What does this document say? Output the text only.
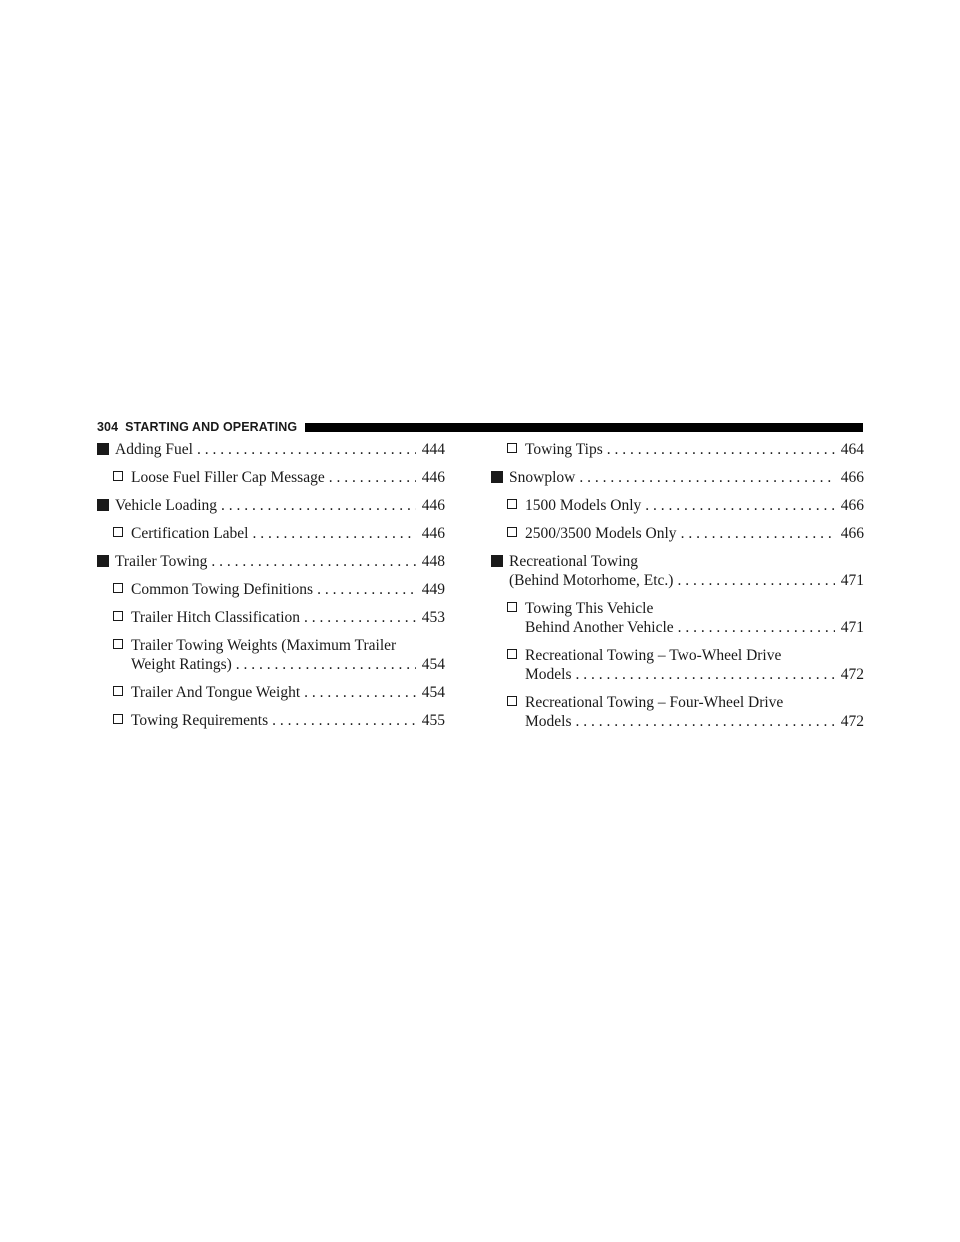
304 STARTING AND OPERATING
Adding Fuel . . .	444
Loose Fuel Filler Cap Message . . .	446
Vehicle Loading . . .	446
Certification Label . . .	446
Trailer Towing . . .	448
Common Towing Definitions . . .	449
Trailer Hitch Classification . . .	453
Trailer Towing Weights (Maximum Trailer
Weight Ratings) . . .	454
Trailer And Tongue Weight . . .	454
Towing Requirements . . .	455
Towing Tips . . .	464
Snowplow . . .	466
1500 Models Only . . .	466
2500/3500 Models Only . . .	466
Recreational Towing
(Behind Motorhome, Etc.) . . .	471
Towing This Vehicle
Behind Another Vehicle . . .	471
Recreational Towing – Two-Wheel Drive
Models . . .	472
Recreational Towing – Four-Wheel Drive
Models . . .	472
